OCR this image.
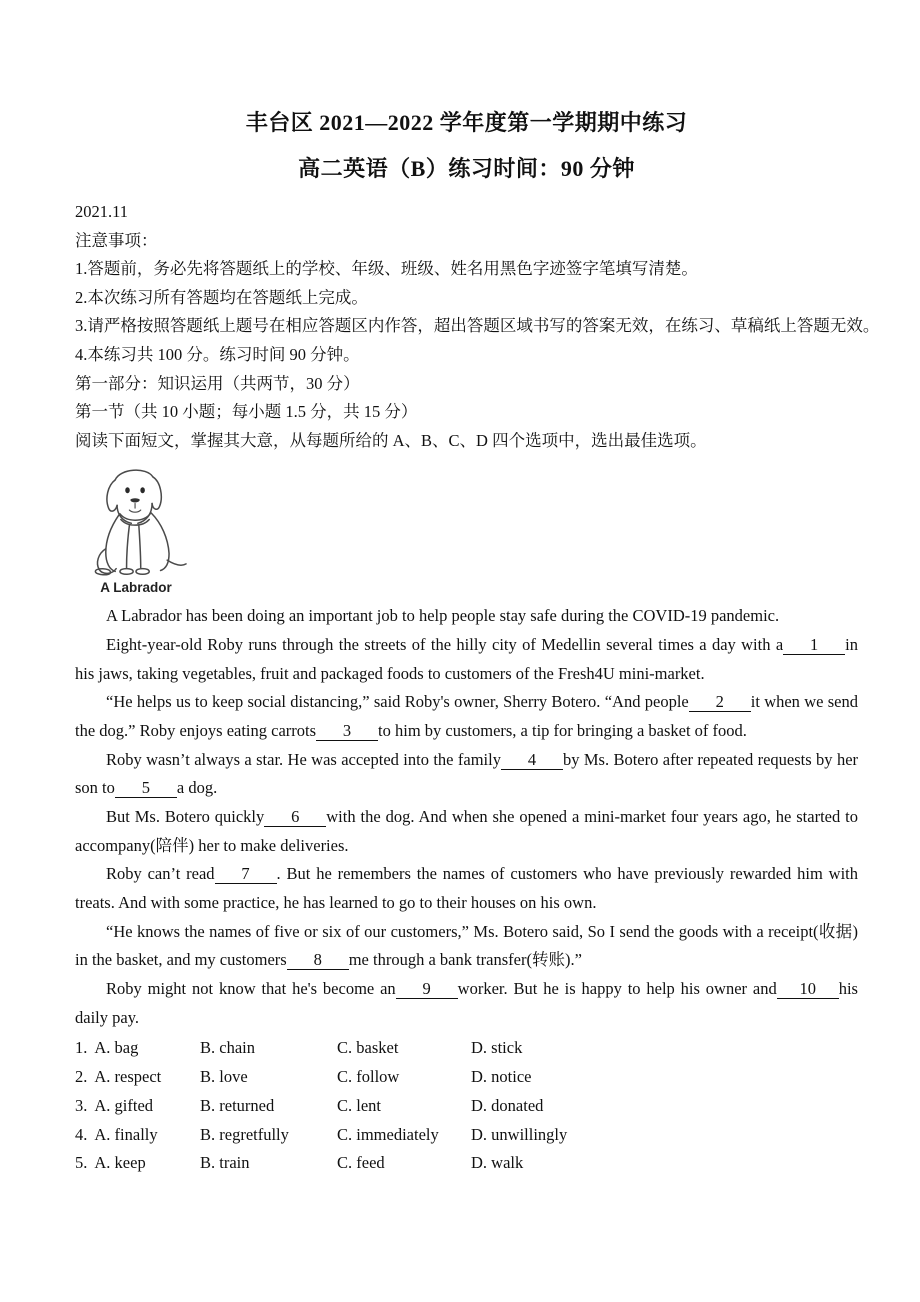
丰台区 2021—2022 学年度第一学期期中练习
高二英语（B）练习时间：90 分钟
2021.11
注意事项：
1.答题前，务必先将答题纸上的学校、年级、班级、姓名用黑色字迹签字笔填写清楚。
2.本次练习所有答题均在答题纸上完成。
3.请严格按照答题纸上题号在相应答题区内作答，超出答题区域书写的答案无效，在练习、草稿纸上答题无效。
4.本练习共 100 分。练习时间 90 分钟。
第一部分：知识运用（共两节，30 分）
第一节（共 10 小题；每小题 1.5 分，共 15 分）
阅读下面短文，掌握其大意，从每题所给的 A、B、C、D 四个选项中，选出最佳选项。
A Labrador

A Labrador has been doing an important job to help people stay safe during the COVID-19 pandemic.

Eight-year-old Roby runs through the streets of the hilly city of Medellin several times a day with a 1 in his jaws, taking vegetables, fruit and packaged foods to customers of the Fresh4U mini-market.

“He helps us to keep social distancing,” said Roby's owner, Sherry Botero. “And people 2 it when we send the dog.” Roby enjoys eating carrots 3 to him by customers, a tip for bringing a basket of food.

Roby wasn’t always a star. He was accepted into the family 4 by Ms. Botero after repeated requests by her son to 5 a dog.

But Ms. Botero quickly 6 with the dog. And when she opened a mini-market four years ago, he started to accompany(陪伴) her to make deliveries.

Roby can’t read 7 . But he remembers the names of customers who have previously rewarded him with treats. And with some practice, he has learned to go to their houses on his own.

“He knows the names of five or six of our customers,” Ms. Botero said, So I send the goods with a receipt(收据) in the basket, and my customers 8 me through a bank transfer(转账).”

Roby might not know that he's become an 9 worker. But he is happy to help his owner and 10 his daily pay.

1. A. bag	B. chain	C. basket	D. stick
2. A. respect	B. love	C. follow	D. notice
3. A. gifted	B. returned	C. lent	D. donated
4. A. finally	B. regretfully	C. immediately	D. unwillingly
5. A. keep	B. train	C. feed	D. walk
